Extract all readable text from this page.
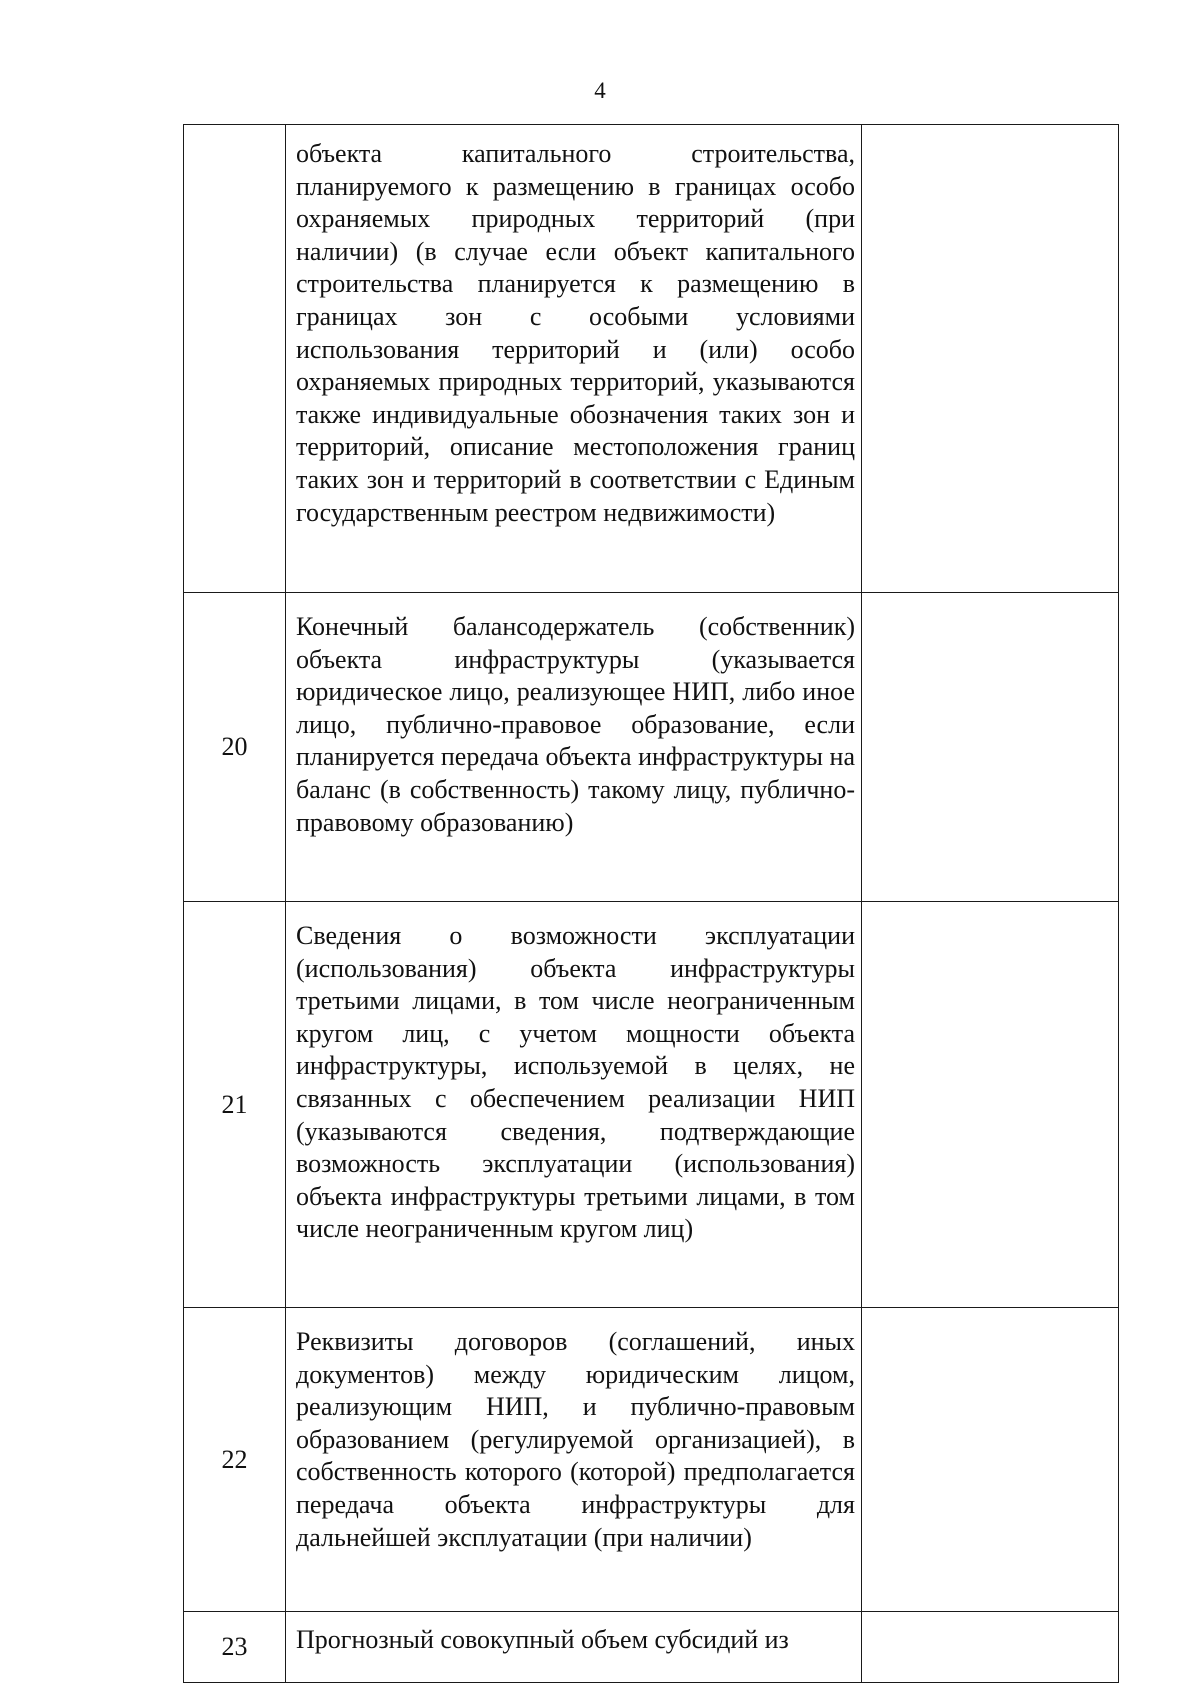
4
	объекта капитального строительства, планируемого к размещению в границах особо охраняемых природных территорий (при наличии) (в случае если объект капитального строительства планируется к размещению в границах зон с особыми условиями использования территорий и (или) особо охраняемых природных территорий, указываются также индивидуальные обозначения таких зон и территорий, описание местоположения границ таких зон и территорий в соответствии с Единым государственным реестром недвижимости)	
20	Конечный балансодержатель (собственник) объекта инфраструктуры (указывается юридическое лицо, реализующее НИП, либо иное лицо, публично-правовое образование, если планируется передача объекта инфраструктуры на баланс (в собственность) такому лицу, публично-правовому образованию)	
21	Сведения о возможности эксплуатации (использования) объекта инфраструктуры третьими лицами, в том числе неограниченным кругом лиц, с учетом мощности объекта инфраструктуры, используемой в целях, не связанных с обеспечением реализации НИП (указываются сведения, подтверждающие возможность эксплуатации (использования) объекта инфраструктуры третьими лицами, в том числе неограниченным кругом лиц)	
22	Реквизиты договоров (соглашений, иных документов) между юридическим лицом, реализующим НИП, и публично-правовым образованием (регулируемой организацией), в собственность которого (которой) предполагается передача объекта инфраструктуры для дальнейшей эксплуатации (при наличии)	
23	Прогнозный совокупный объем субсидий из	
